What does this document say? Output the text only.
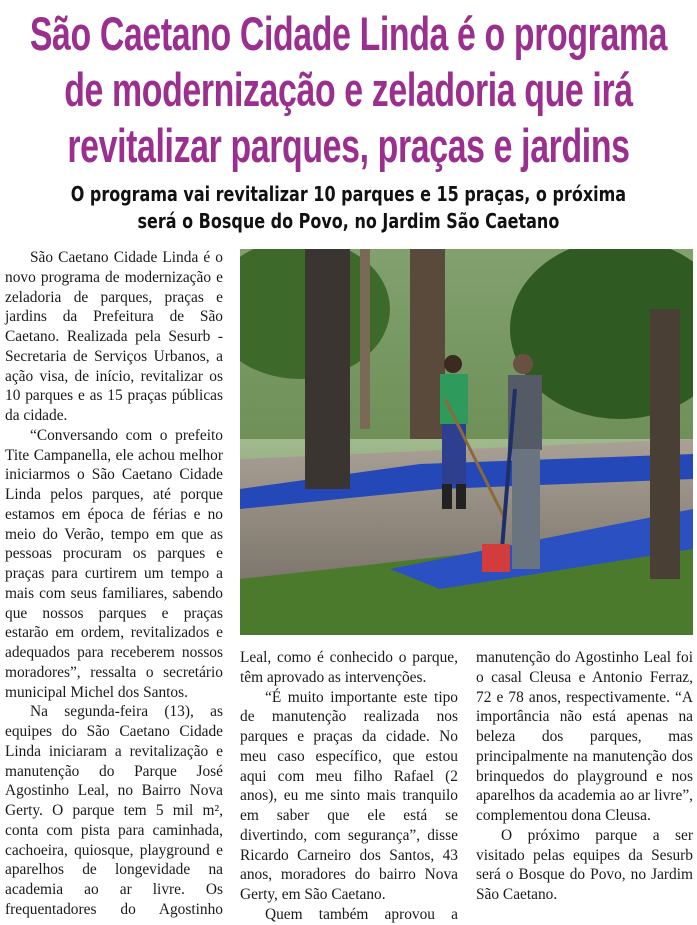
São Caetano Cidade Linda é o programa
de modernização e zeladoria que irá
revitalizar parques, praças e jardins
O programa vai revitalizar 10 parques e 15 praças, o próxima
será o Bosque do Povo, no Jardim São Caetano

São Caetano Cidade Linda é o novo programa de modernização e zeladoria de parques, praças e jardins da Prefeitura de São Caetano. Realizada pela Sesurb - Secretaria de Serviços Urbanos, a ação visa, de início, revitalizar os 10 parques e as 15 praças públicas da cidade.

“Conversando com o prefeito Tite Campanella, ele achou melhor iniciarmos o São Caetano Cidade Linda pelos parques, até porque estamos em época de férias e no meio do Verão, tempo em que as pessoas procuram os parques e praças para curtirem um tempo a mais com seus familiares, sabendo que nossos parques e praças estarão em ordem, revitalizados e adequados para receberem nossos moradores”, ressalta o secretário municipal Michel dos Santos.

Na segunda-feira (13), as equipes do São Caetano Cidade Linda iniciaram a revitalização e manutenção do Parque José Agostinho Leal, no Bairro Nova Gerty. O parque tem 5 mil m², conta com pista para caminhada, cachoeira, quiosque, playground e aparelhos de longevidade na academia ao ar livre. Os frequentadores do Agostinho

Leal, como é conhecido o parque, têm aprovado as intervenções.

“É muito importante este tipo de manutenção realizada nos parques e praças da cidade. No meu caso específico, que estou aqui com meu filho Rafael (2 anos), eu me sinto mais tranquilo em saber que ele está se divertindo, com segurança”, disse Ricardo Carneiro dos Santos, 43 anos, moradores do bairro Nova Gerty, em São Caetano.

Quem também aprovou a

manutenção do Agostinho Leal foi o casal Cleusa e Antonio Ferraz, 72 e 78 anos, respectivamente. “A importância não está apenas na beleza dos parques, mas principalmente na manutenção dos brinquedos do playground e nos aparelhos da academia ao ar livre”, complementou dona Cleusa.

O próximo parque a ser visitado pelas equipes da Sesurb será o Bosque do Povo, no Jardim São Caetano.
